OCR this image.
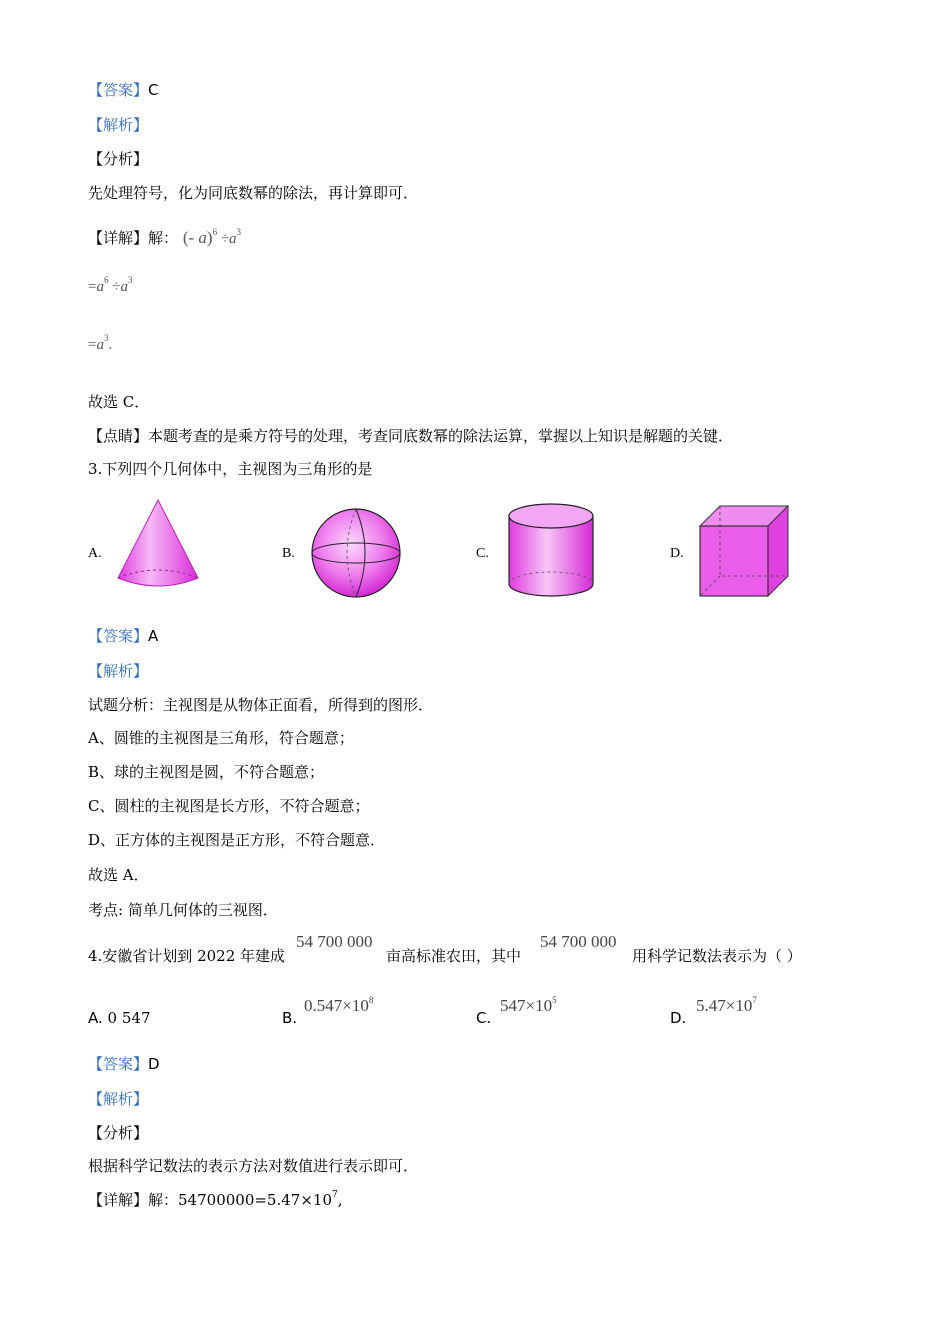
【答案】C
【解析】
【分析】
先处理符号，化为同底数幂的除法，再计算即可．
【详解】解： (- $a)^6 \div a^3$
$=a^6 \div a^3$
$=a^3$.
故选 C．
【点睛】本题考查的是乘方符号的处理，考查同底数幂的除法运算，掌握以上知识是解题的关键．
3.下列四个几何体中，主视图为三角形的是
A.	B.	C.	D.
【答案】A
【解析】
试题分析：主视图是从物体正面看，所得到的图形．
A、圆锥的主视图是三角形，符合题意；
B、球的主视图是圆，不符合题意；
C、圆柱的主视图是长方形，不符合题意；
D、正方体的主视图是正方形，不符合题意．
故选 A．
考点: 简单几何体的三视图．
4.安徽省计划到 2022 年建成
54 700 000
亩高标准农田，其中
54 700 000
用科学记数法表示为（ ）
A. 0 547	B.
$0.547\times 10^8$
C.
$547\times 10^5$
D.
$5.47\times 10^7$
【答案】D
【解析】
【分析】
根据科学记数法的表示方法对数值进行表示即可．
【详解】解：$54700000=5.47\times 10^7$,
